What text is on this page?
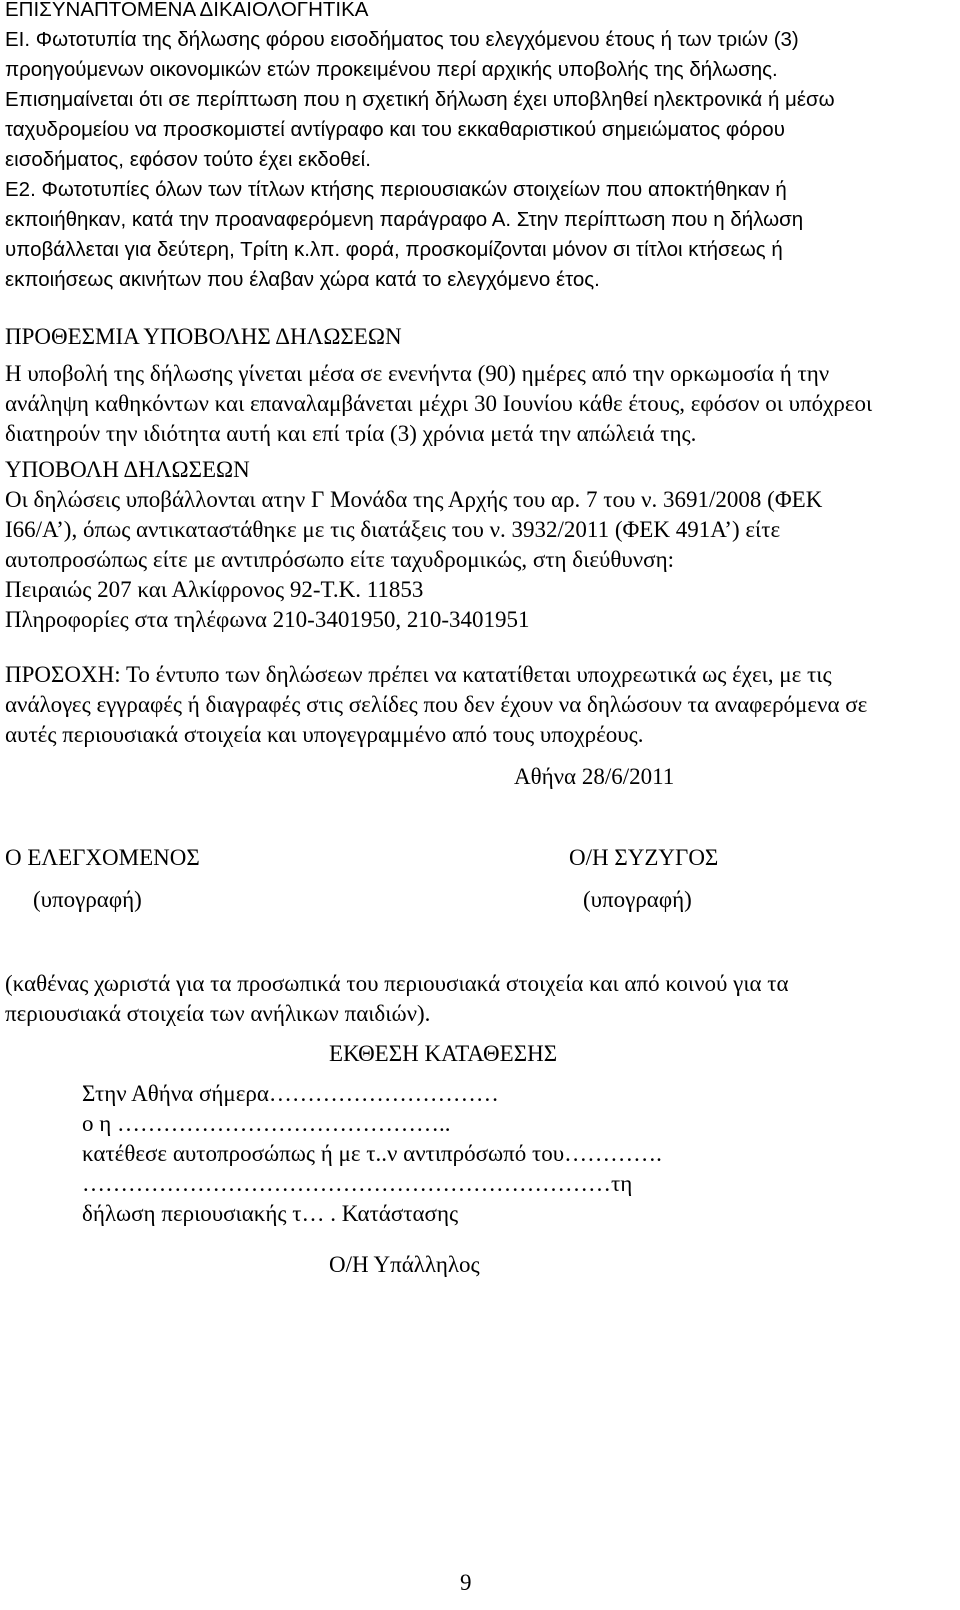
ΕΠΙΣΥΝΑΠΤΟΜΕΝΑ ΔΙΚΑΙΟΛΟΓΗΤΙΚΑ

ΕΙ. Φωτοτυπία της δήλωσης φόρου εισοδήματος του ελεγχόμενου έτους ή των τριών (3)

προηγούμενων οικονομικών ετών προκειμένου περί αρχικής υποβολής της δήλωσης.

Επισημαίνεται ότι σε περίπτωση που η σχετική δήλωση έχει υποβληθεί ηλεκτρονικά ή μέσω

ταχυδρομείου να προσκομιστεί αντίγραφο και του εκκαθαριστικού σημειώματος φόρου

εισοδήματος, εφόσον τούτο έχει εκδοθεί.

Ε2. Φωτοτυπίες όλων των τίτλων κτήσης περιουσιακών στοιχείων που αποκτήθηκαν ή

εκποιήθηκαν, κατά την προαναφερόμενη παράγραφο Α. Στην περίπτωση που η δήλωση

υποβάλλεται για δεύτερη, Τρίτη κ.λπ. φορά, προσκομίζονται μόνον σι τίτλοι κτήσεως ή

εκποιήσεως ακινήτων που έλαβαν χώρα κατά το ελεγχόμενο έτος.

ΠΡΟΘΕΣΜΙΑ ΥΠΟΒΟΛΗΣ ΔΗΛΩΣΕΩΝ

Η υποβολή της δήλωσης γίνεται μέσα σε ενενήντα (90) ημέρες από την ορκωμοσία ή την

ανάληψη καθηκόντων και επαναλαμβάνεται μέχρι 30 Ιουνίου κάθε έτους, εφόσον οι υπόχρεοι

διατηρούν την ιδιότητα αυτή και επί τρία (3) χρόνια μετά την απώλειά της.

ΥΠΟΒΟΛΗ ΔΗΛΩΣΕΩΝ

Οι δηλώσεις υποβάλλονται ατην Γ Μονάδα της Αρχής του αρ. 7 του ν. 3691/2008 (ΦΕΚ

Ι66/Α’), όπως αντικαταστάθηκε με τις διατάξεις του ν. 3932/2011 (ΦΕΚ 491Α’) είτε

αυτοπροσώπως είτε με αντιπρόσωπο είτε ταχυδρομικώς, στη διεύθυνση:

Πειραιώς 207 και Αλκίφρονος 92-Τ.Κ. 11853

Πληροφορίες στα τηλέφωνα 210-3401950, 210-3401951

ΠΡΟΣΟΧΗ: Το έντυπο των δηλώσεων πρέπει να κατατίθεται υποχρεωτικά ως έχει, με τις

ανάλογες εγγραφές ή διαγραφές στις σελίδες που δεν έχουν να δηλώσουν τα αναφερόμενα σε

αυτές περιουσιακά στοιχεία και υπογεγραμμένο από τους υποχρέους.

Αθήνα 28/6/2011

Ο ΕΛΕΓΧΟΜΕΝΟΣ

(υπογραφή)

Ο/Η ΣΥΖΥΓΟΣ

(υπογραφή)

(καθένας χωριστά για τα προσωπικά του περιουσιακά στοιχεία και από κοινού για τα

περιουσιακά στοιχεία των ανήλικων παιδιών).

ΕΚΘΕΣΗ ΚΑΤΑΘΕΣΗΣ

Στην Αθήνα σήμερα…………………………

ο η ……………………………………..

κατέθεσε αυτοπροσώπως ή με τ..ν αντιπρόσωπό του………….

……………………………………………………………τη

δήλωση περιουσιακής τ… . Κατάστασης

Ο/Η Υπάλληλος

9
